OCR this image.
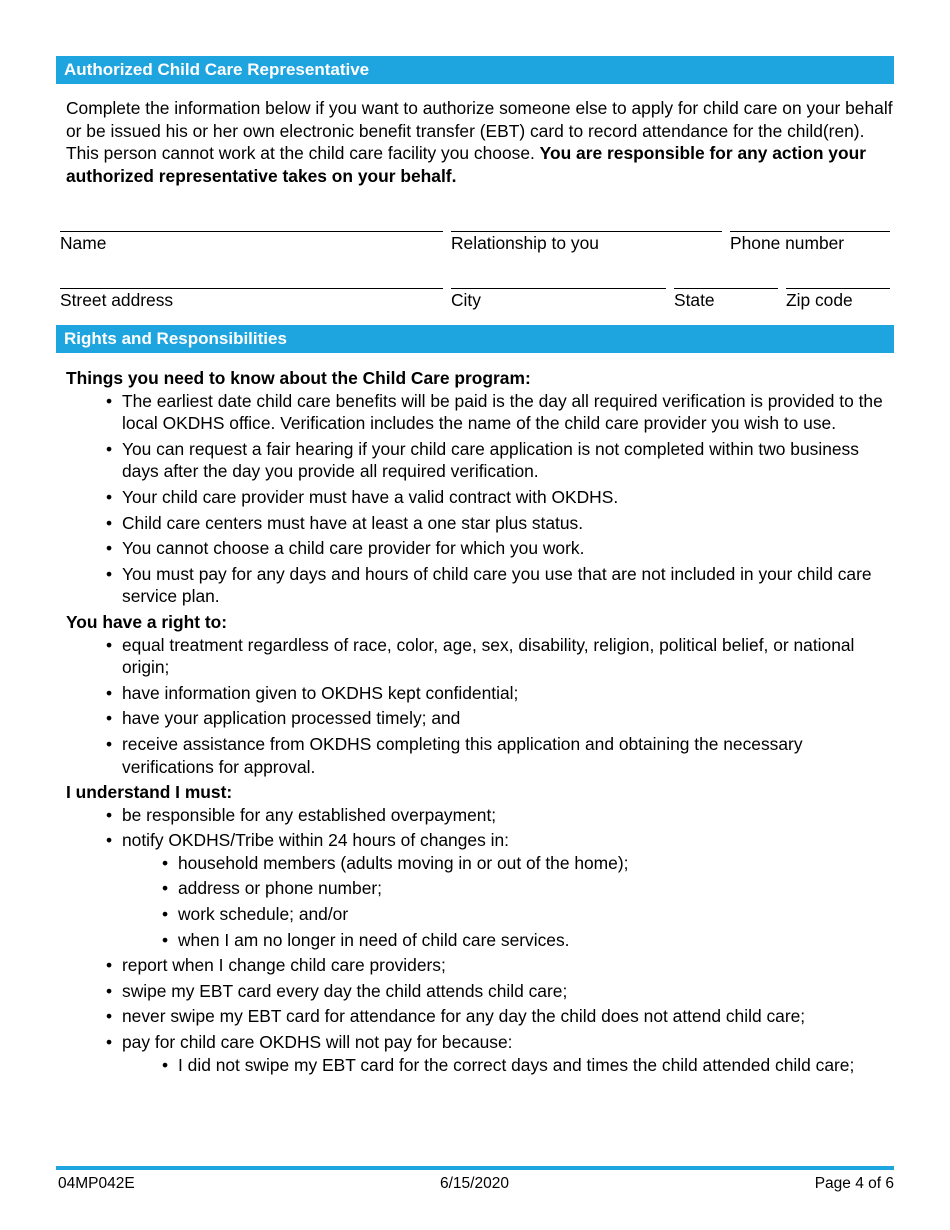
Authorized Child Care Representative

Complete the information below if you want to authorize someone else to apply for child care on your behalf or be issued his or her own electronic benefit transfer (EBT) card to record attendance for the child(ren). This person cannot work at the child care facility you choose. You are responsible for any action your authorized representative takes on your behalf.

Name	Relationship to you	Phone number
Street address	City	State	Zip code
Rights and Responsibilities
Things you need to know about the Child Care program:
• The earliest date child care benefits will be paid is the day all required verification is provided to the local OKDHS office. Verification includes the name of the child care provider you wish to use.
• You can request a fair hearing if your child care application is not completed within two business days after the day you provide all required verification.
• Your child care provider must have a valid contract with OKDHS.
• Child care centers must have at least a one star plus status.
• You cannot choose a child care provider for which you work.
• You must pay for any days and hours of child care you use that are not included in your child care service plan.
You have a right to:
• equal treatment regardless of race, color, age, sex, disability, religion, political belief, or national origin;
• have information given to OKDHS kept confidential;
• have your application processed timely; and
• receive assistance from OKDHS completing this application and obtaining the necessary verifications for approval.
I understand I must:
• be responsible for any established overpayment;
• notify OKDHS/Tribe within 24 hours of changes in:
• household members (adults moving in or out of the home);
• address or phone number;
• work schedule; and/or
• when I am no longer in need of child care services.
• report when I change child care providers;
• swipe my EBT card every day the child attends child care;
• never swipe my EBT card for attendance for any day the child does not attend child care;
• pay for child care OKDHS will not pay for because:
• I did not swipe my EBT card for the correct days and times the child attended child care;
04MP042E	6/15/2020	Page 4 of 6
